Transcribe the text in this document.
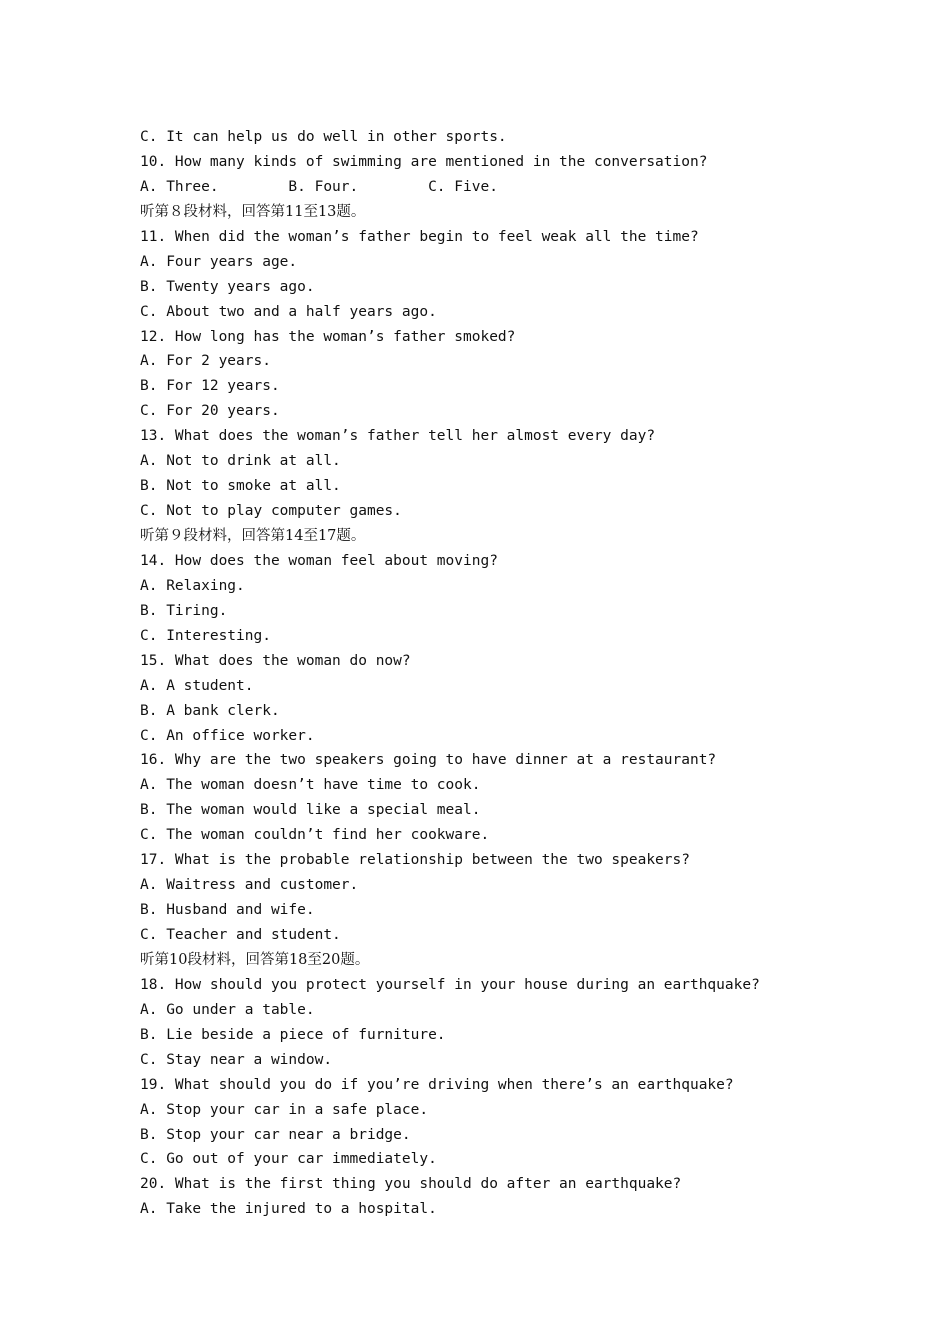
C. It can help us do well in other sports.
10. How many kinds of swimming are mentioned in the conversation?
A. Three.        B. Four.        C. Five.
听第８段材料，回答第11至13题。
11. When did the woman’s father begin to feel weak all the time?
A. Four years age.
B. Twenty years ago.
C. About two and a half years ago.
12. How long has the woman’s father smoked?
A. For 2 years.
B. For 12 years.
C. For 20 years.
13. What does the woman’s father tell her almost every day?
A. Not to drink at all.
B. Not to smoke at all.
C. Not to play computer games.
听第９段材料，回答第14至17题。
14. How does the woman feel about moving?
A. Relaxing.
B. Tiring.
C. Interesting.
15. What does the woman do now?
A. A student.
B. A bank clerk.
C. An office worker.
16. Why are the two speakers going to have dinner at a restaurant?
A. The woman doesn’t have time to cook.
B. The woman would like a special meal.
C. The woman couldn’t find her cookware.
17. What is the probable relationship between the two speakers?
A. Waitress and customer.
B. Husband and wife.
C. Teacher and student.
听第10段材料，回答第18至20题。
18. How should you protect yourself in your house during an earthquake?
A. Go under a table.
B. Lie beside a piece of furniture.
C. Stay near a window.
19. What should you do if you’re driving when there’s an earthquake?
A. Stop your car in a safe place.
B. Stop your car near a bridge.
C. Go out of your car immediately.
20. What is the first thing you should do after an earthquake?
A. Take the injured to a hospital.
